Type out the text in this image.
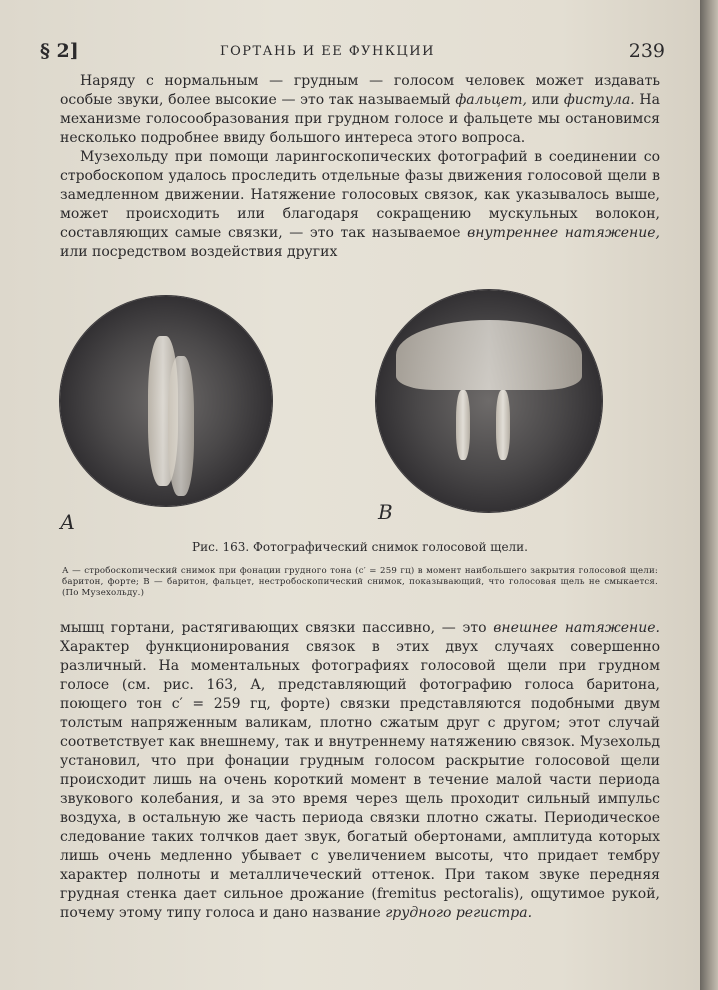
§ 2]	ГОРТАНЬ И ЕЕ ФУНКЦИИ	239

Наряду с нормальным — грудным — голосом человек может издавать особые звуки, более высокие — это так называемый фальцет, или фистула. На механизме голосообразования при грудном голосе и фальцете мы остановимся несколько подробнее ввиду большого интереса этого вопроса.

Музехольду при помощи ларингоскопических фотографий в соединении со стробоскопом удалось проследить отдельные фазы движения голосовой щели в замедленном движении. Натяжение голосовых связок, как указывалось выше, может происходить или благодаря сокращению мускульных волокон, составляющих самые связки, — это так называемое внутреннее натяжение, или посредством воздействия других

А	В
Рис. 163. Фотографический снимок голосовой щели.
А — стробоскопический снимок при фонации грудного тона (c′ = 259 гц) в момент наибольшего закрытия голосовой щели: баритон, форте; В — баритон, фальцет, нестробоскопический снимок, показывающий, что голосовая щель не смыкается. (По Музехольду.)

мышц гортани, растягивающих связки пассивно, — это внешнее натяжение. Характер функционирования связок в этих двух случаях совершенно различный. На моментальных фотографиях голосовой щели при грудном голосе (см. рис. 163, А, представляющий фотографию голоса баритона, поющего тон c′ = 259 гц, форте) связки представляются подобными двум толстым напряженным валикам, плотно сжатым друг с другом; этот случай соответствует как внешнему, так и внутреннему натяжению связок. Музехольд установил, что при фонации грудным голосом раскрытие голосовой щели происходит лишь на очень короткий момент в течение малой части периода звукового колебания, и за это время через щель проходит сильный импульс воздуха, в остальную же часть периода связки плотно сжаты. Периодическое следование таких толчков дает звук, богатый обертонами, амплитуда которых лишь очень медленно убывает с увеличением высоты, что придает тембру характер полноты и металличеческий оттенок. При таком звуке передняя грудная стенка дает сильное дрожание (fremitus pectoralis), ощутимое рукой, почему этому типу голоса и дано название грудного регистра.
